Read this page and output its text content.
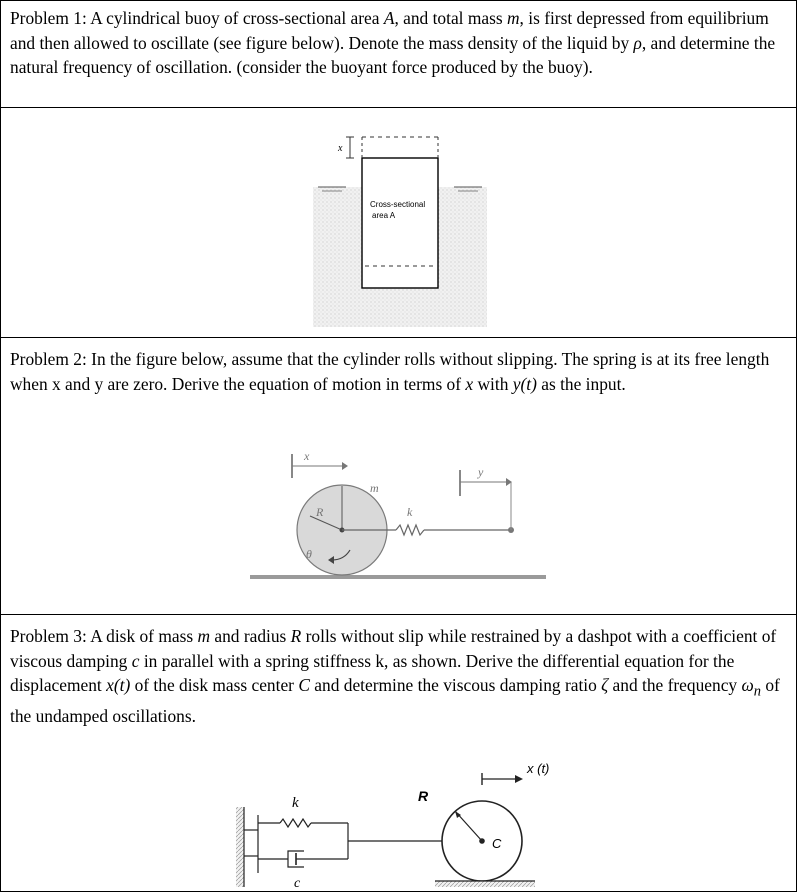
Problem 1: A cylindrical buoy of cross-sectional area A, and total mass m, is first depressed from equilibrium and then allowed to oscillate (see figure below). Denote the mass density of the liquid by ρ, and determine the natural frequency of oscillation. (consider the buoyant force produced by the buoy).

x
Cross-sectional
area A

Problem 2: In the figure below, assume that the cylinder rolls without slipping. The spring is at its free length when x and y are zero. Derive the equation of motion in terms of x with y(t) as the input.

x
y
m
R	k
θ

Problem 3: A disk of mass m and radius R rolls without slip while restrained by a dashpot with a coefficient of viscous damping c in parallel with a spring stiffness k, as shown. Derive the differential equation for the displacement x(t) of the disk mass center C and determine the viscous damping ratio ζ and the frequency $\omega_n$ of the undamped oscillations.

k
c
R
C
x (t)
